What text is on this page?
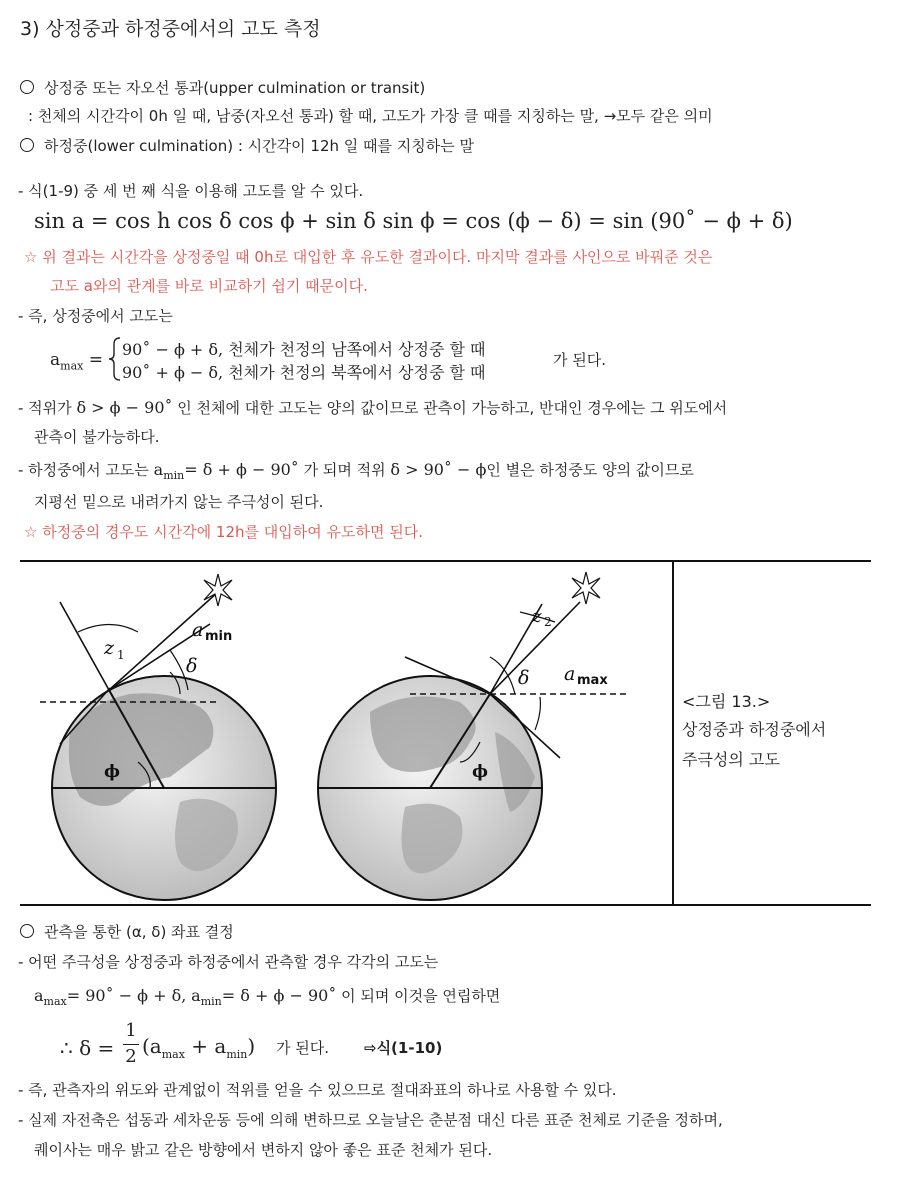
3) 상정중과 하정중에서의 고도 측정
상정중 또는 자오선 통과(upper culmination or transit)
: 천체의 시간각이 0h 일 때, 남중(자오선 통과) 할 때, 고도가 가장 클 때를 지칭하는 말, →모두 같은 의미
하정중(lower culmination) : 시간각이 12h 일 때를 지칭하는 말
- 식(1-9) 중 세 번 째 식을 이용해 고도를 알 수 있다.
sin a = cos h cos δ cos ϕ + sin δ sin ϕ = cos (ϕ − δ) = sin (90˚ − ϕ + δ)
☆ 위 결과는 시간각을 상정중일 때 0h로 대입한 후 유도한 결과이다. 마지막 결과를 사인으로 바꿔준 것은
고도 a와의 관계를 바로 비교하기 쉽기 때문이다.
- 즉, 상정중에서 고도는
$a_{max}$ =
90˚ − ϕ + δ, 천체가 천정의 남쪽에서 상정중 할 때
90˚ + ϕ − δ, 천체가 천정의 북쪽에서 상정중 할 때
가 된다.
- 적위가 δ > ϕ − 90˚ 인 천체에 대한 고도는 양의 값이므로 관측이 가능하고, 반대인 경우에는 그 위도에서
관측이 불가능하다.
- 하정중에서 고도는 $a_{min}= \delta + \phi$ − 90˚ 가 되며 적위 δ > 90˚ − ϕ인 별은 하정중도 양의 값이므로
지평선 밑으로 내려가지 않는 주극성이 된다.
☆ 하정중의 경우도 시간각에 12h를 대입하여 유도하면 된다.
z 1
a min
δ
ϕ
z 2
δ a max
ϕ
<그림 13.>
상정중과 하정중에서
주극성의 고도
관측을 통한 (α, δ) 좌표 결정
- 어떤 주극성을 상정중과 하정중에서 관측할 경우 각각의 고도는
$a_{max}=$ 90˚ − ϕ + δ, $a_{min}= \delta + \phi$ − 90˚ 이 되며 이것을 연립하면
∴ δ =
1
2 $(a_{max} + a_{min})$ 가 된다. ⇨식(1-10)
- 즉, 관측자의 위도와 관계없이 적위를 얻을 수 있으므로 절대좌표의 하나로 사용할 수 있다.
- 실제 자전축은 섭동과 세차운동 등에 의해 변하므로 오늘날은 춘분점 대신 다른 표준 천체로 기준을 정하며,
퀘이사는 매우 밝고 같은 방향에서 변하지 않아 좋은 표준 천체가 된다.
